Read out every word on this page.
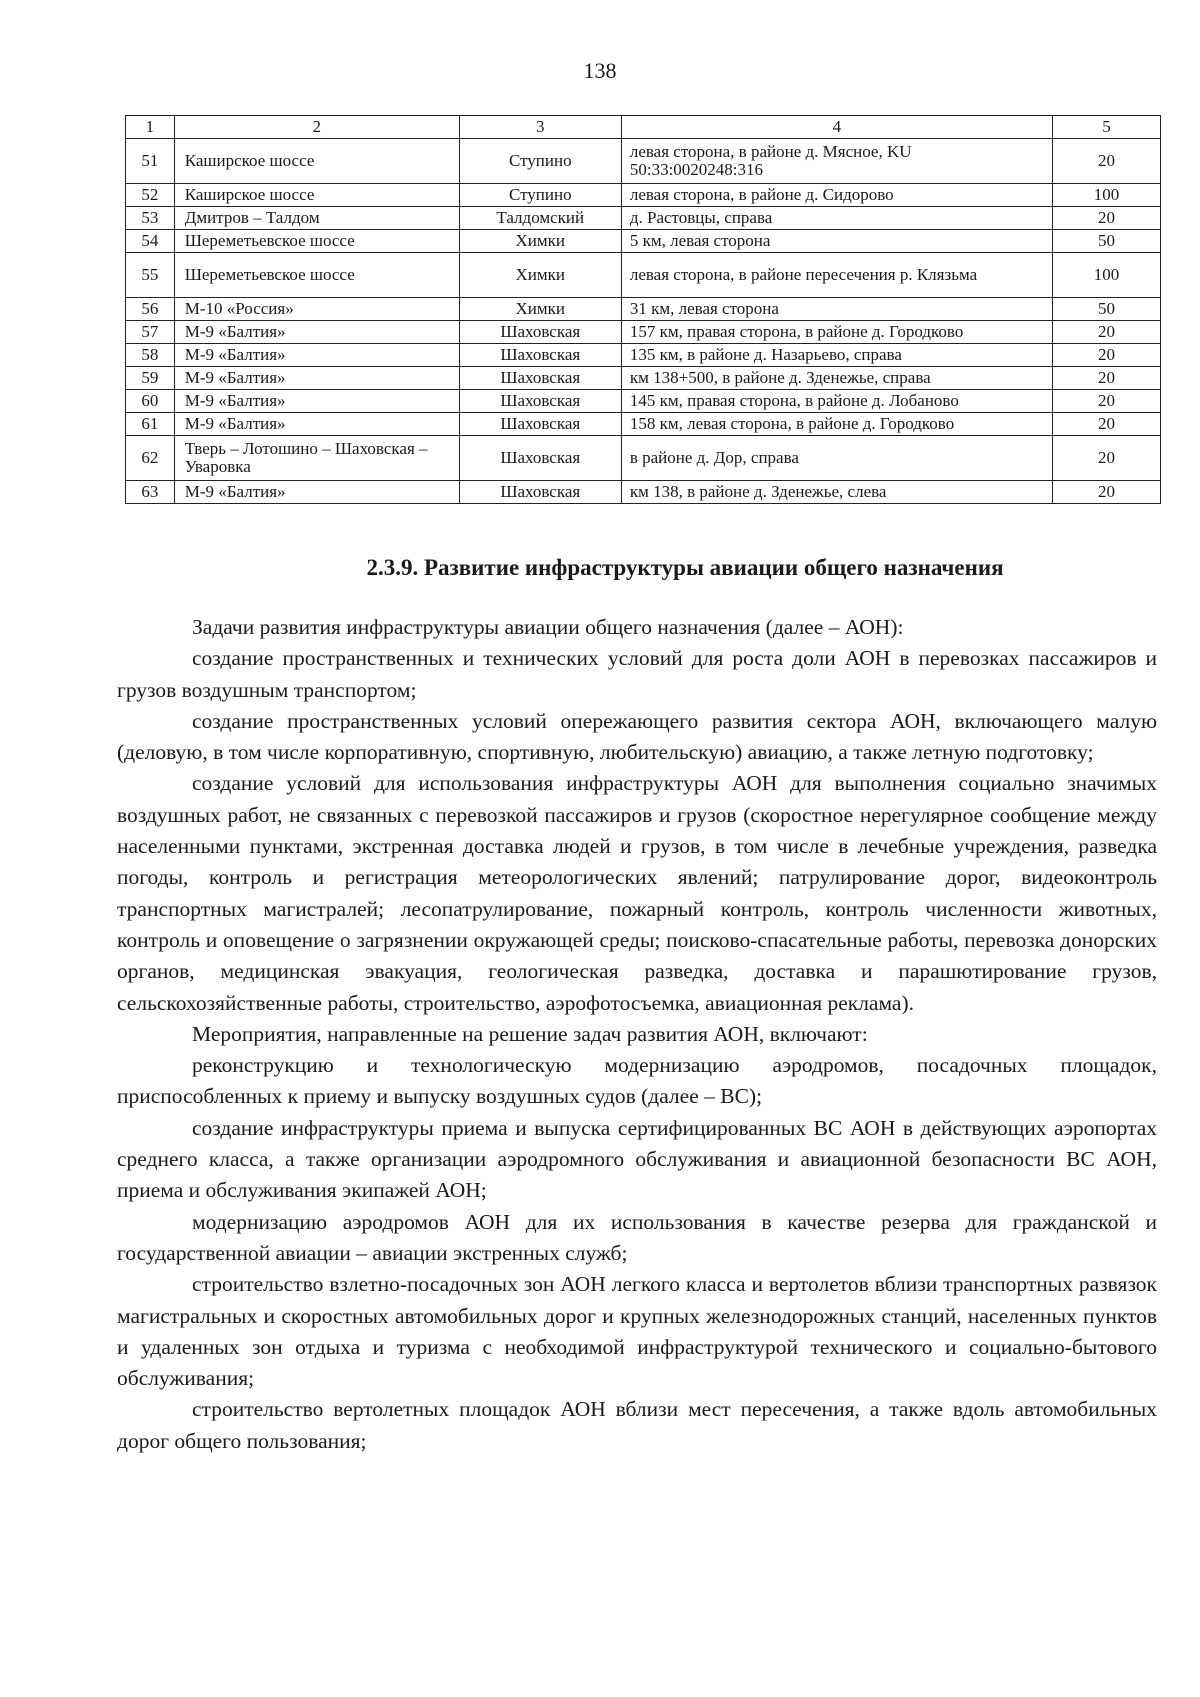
138
1	2	3	4	5
51	Каширское шоссе	Ступино	левая сторона, в районе д. Мясное, KU 50:33:0020248:316	20
52	Каширское шоссе	Ступино	левая сторона, в районе д. Сидорово	100
53	Дмитров – Талдом	Талдомский	д. Растовцы, справа	20
54	Шереметьевское шоссе	Химки	5 км, левая сторона	50
55	Шереметьевское шоссе	Химки	левая сторона, в районе пересечения р. Клязьма	100
56	М-10 «Россия»	Химки	31 км, левая сторона	50
57	М-9 «Балтия»	Шаховская	157 км, правая сторона, в районе д. Городково	20
58	М-9 «Балтия»	Шаховская	135 км, в районе д. Назарьево, справа	20
59	М-9 «Балтия»	Шаховская	км 138+500, в районе д. Зденежье, справа	20
60	М-9 «Балтия»	Шаховская	145 км, правая сторона, в районе д. Лобаново	20
61	М-9 «Балтия»	Шаховская	158 км, левая сторона, в районе д. Городково	20
62	Тверь – Лотошино – Шаховская – Уваровка	Шаховская	в районе д. Дор, справа	20
63	М-9 «Балтия»	Шаховская	км 138, в районе д. Зденежье, слева	20
2.3.9. Развитие инфраструктуры авиации общего назначения

Задачи развития инфраструктуры авиации общего назначения (далее – АОН):

создание пространственных и технических условий для роста доли АОН в перевозках пассажиров и грузов воздушным транспортом;

создание пространственных условий опережающего развития сектора АОН, включающего малую (деловую, в том числе корпоративную, спортивную, любительскую) авиацию, а также летную подготовку;

создание условий для использования инфраструктуры АОН для выполнения социально значимых воздушных работ, не связанных с перевозкой пассажиров и грузов (скоростное нерегулярное сообщение между населенными пунктами, экстренная доставка людей и грузов, в том числе в лечебные учреждения, разведка погоды, контроль и регистрация метеорологических явлений; патрулирование дорог, видеоконтроль транспортных магистралей; лесопатрулирование, пожарный контроль, контроль численности животных, контроль и оповещение о загрязнении окружающей среды; поисково-спасательные работы, перевозка донорских органов, медицинская эвакуация, геологическая разведка, доставка и парашютирование грузов, сельскохозяйственные работы, строительство, аэрофотосъемка, авиационная реклама).

Мероприятия, направленные на решение задач развития АОН, включают:

реконструкцию и технологическую модернизацию аэродромов, посадочных площадок, приспособленных к приему и выпуску воздушных судов (далее – ВС);

создание инфраструктуры приема и выпуска сертифицированных ВС АОН в действующих аэропортах среднего класса, а также организации аэродромного обслуживания и авиационной безопасности ВС АОН, приема и обслуживания экипажей АОН;

модернизацию аэродромов АОН для их использования в качестве резерва для гражданской и государственной авиации – авиации экстренных служб;

строительство взлетно-посадочных зон АОН легкого класса и вертолетов вблизи транспортных развязок магистральных и скоростных автомобильных дорог и крупных железнодорожных станций, населенных пунктов и удаленных зон отдыха и туризма с необходимой инфраструктурой технического и социально-бытового обслуживания;

строительство вертолетных площадок АОН вблизи мест пересечения, а также вдоль автомобильных дорог общего пользования;
